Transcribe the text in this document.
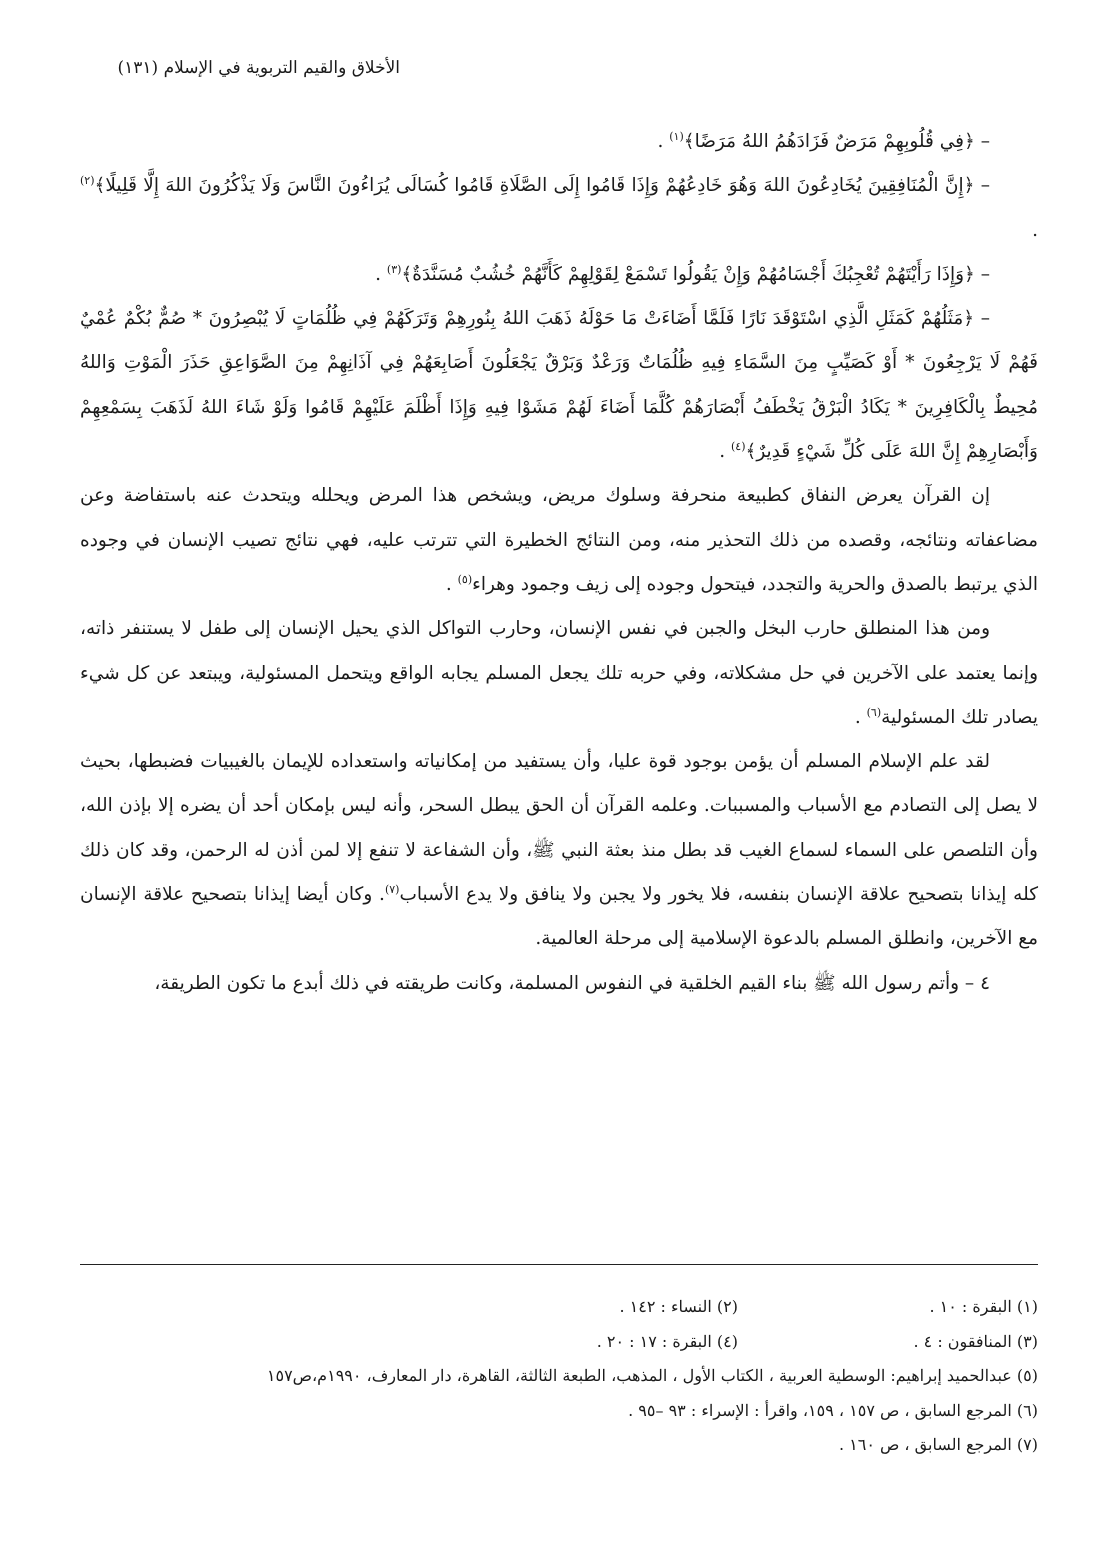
الأخلاق والقيم التربوية في الإسلام (١٣١)

– ﴿فِي قُلُوبِهِمْ مَرَضٌ فَزَادَهُمُ اللهُ مَرَضًا﴾$^{(١)}$ .

– ﴿إِنَّ الْمُنَافِقِينَ يُخَادِعُونَ اللهَ وَهُوَ خَادِعُهُمْ وَإِذَا قَامُوا إِلَى الصَّلَاةِ قَامُوا كُسَالَى يُرَاءُونَ النَّاسَ وَلَا يَذْكُرُونَ اللهَ إِلَّا قَلِيلًا﴾$^{(٢)}$ .

– ﴿وَإِذَا رَأَيْتَهُمْ تُعْجِبُكَ أَجْسَامُهُمْ وَإِنْ يَقُولُوا تَسْمَعْ لِقَوْلِهِمْ كَأَنَّهُمْ خُشُبٌ مُسَنَّدَةٌ﴾$^{(٣)}$ .

– ﴿مَثَلُهُمْ كَمَثَلِ الَّذِي اسْتَوْقَدَ نَارًا فَلَمَّا أَضَاءَتْ مَا حَوْلَهُ ذَهَبَ اللهُ بِنُورِهِمْ وَتَرَكَهُمْ فِي ظُلُمَاتٍ لَا يُبْصِرُونَ * صُمٌّ بُكْمٌ عُمْيٌ فَهُمْ لَا يَرْجِعُونَ * أَوْ كَصَيِّبٍ مِنَ السَّمَاءِ فِيهِ ظُلُمَاتٌ وَرَعْدٌ وَبَرْقٌ يَجْعَلُونَ أَصَابِعَهُمْ فِي آذَانِهِمْ مِنَ الصَّوَاعِقِ حَذَرَ الْمَوْتِ وَاللهُ مُحِيطٌ بِالْكَافِرِينَ * يَكَادُ الْبَرْقُ يَخْطَفُ أَبْصَارَهُمْ كُلَّمَا أَضَاءَ لَهُمْ مَشَوْا فِيهِ وَإِذَا أَظْلَمَ عَلَيْهِمْ قَامُوا وَلَوْ شَاءَ اللهُ لَذَهَبَ بِسَمْعِهِمْ وَأَبْصَارِهِمْ إِنَّ اللهَ عَلَى كُلِّ شَيْءٍ قَدِيرٌ﴾$^{(٤)}$ .

إن القرآن يعرض النفاق كطبيعة منحرفة وسلوك مريض، ويشخص هذا المرض ويحلله ويتحدث عنه باستفاضة وعن مضاعفاته ونتائجه، وقصده من ذلك التحذير منه، ومن النتائج الخطيرة التي تترتب عليه، فهي نتائج تصيب الإنسان في وجوده الذي يرتبط بالصدق والحرية والتجدد، فيتحول وجوده إلى زيف وجمود وهراء$^{(٥)}$ .

ومن هذا المنطلق حارب البخل والجبن في نفس الإنسان، وحارب التواكل الذي يحيل الإنسان إلى طفل لا يستنفر ذاته، وإنما يعتمد على الآخرين في حل مشكلاته، وفي حربه تلك يجعل المسلم يجابه الواقع ويتحمل المسئولية، ويبتعد عن كل شيء يصادر تلك المسئولية$^{(٦)}$ .

لقد علم الإسلام المسلم أن يؤمن بوجود قوة عليا، وأن يستفيد من إمكانياته واستعداده للإيمان بالغيبيات فضبطها، بحيث لا يصل إلى التصادم مع الأسباب والمسببات. وعلمه القرآن أن الحق يبطل السحر، وأنه ليس بإمكان أحد أن يضره إلا بإذن الله، وأن التلصص على السماء لسماع الغيب قد بطل منذ بعثة النبي ﷺ، وأن الشفاعة لا تنفع إلا لمن أذن له الرحمن، وقد كان ذلك كله إيذانا بتصحيح علاقة الإنسان بنفسه، فلا يخور ولا يجبن ولا ينافق ولا يدع الأسباب$^{(٧)}$. وكان أيضا إيذانا بتصحيح علاقة الإنسان مع الآخرين، وانطلق المسلم بالدعوة الإسلامية إلى مرحلة العالمية.

٤ – وأتم رسول الله ﷺ بناء القيم الخلقية في النفوس المسلمة، وكانت طريقته في ذلك أبدع ما تكون الطريقة،

(١) البقرة : ١٠ .
(٢) النساء : ١٤٢ .
(٣) المنافقون : ٤ .
(٤) البقرة : ١٧ : ٢٠ .
(٥) عبدالحميد إبراهيم: الوسطية العربية ، الكتاب الأول ، المذهب، الطبعة الثالثة، القاهرة، دار المعارف، ١٩٩٠م،ص١٥٧
(٦) المرجع السابق ، ص ١٥٧ ، ١٥٩، واقرأ : الإسراء : ٩٣ –٩٥ .
(٧) المرجع السابق ، ص ١٦٠ .
